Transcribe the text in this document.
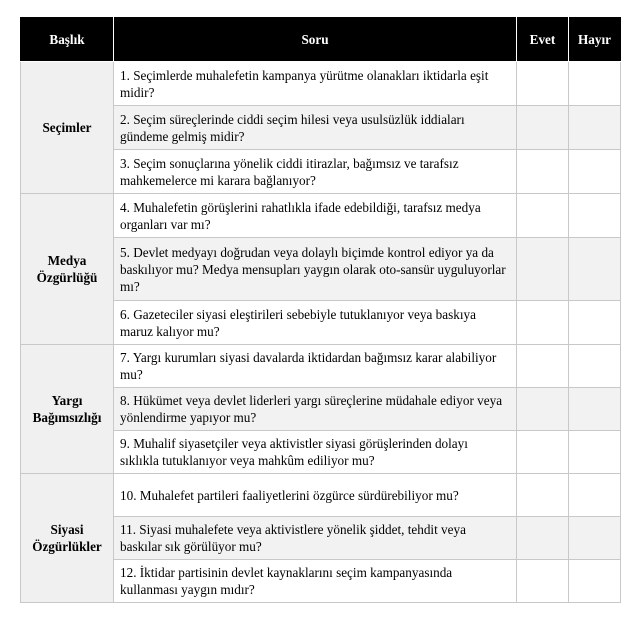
Başlık	Soru	Evet	Hayır
Seçimler	1. Seçimlerde muhalefetin kampanya yürütme olanakları iktidarla eşit midir?		
	2. Seçim süreçlerinde ciddi seçim hilesi veya usulsüzlük iddiaları gündeme gelmiş midir?		
	3. Seçim sonuçlarına yönelik ciddi itirazlar, bağımsız ve tarafsız mahkemelerce mi karara bağlanıyor?		
Medya Özgürlüğü	4. Muhalefetin görüşlerini rahatlıkla ifade edebildiği, tarafsız medya organları var mı?		
	5. Devlet medyayı doğrudan veya dolaylı biçimde kontrol ediyor ya da baskılıyor mu? Medya mensupları yaygın olarak oto-sansür uyguluyorlar mı?		
	6. Gazeteciler siyasi eleştirileri sebebiyle tutuklanıyor veya baskıya maruz kalıyor mu?		
Yargı Bağımsızlığı	7. Yargı kurumları siyasi davalarda iktidardan bağımsız karar alabiliyor mu?		
	8. Hükümet veya devlet liderleri yargı süreçlerine müdahale ediyor veya yönlendirme yapıyor mu?		
	9. Muhalif siyasetçiler veya aktivistler siyasi görüşlerinden dolayı sıklıkla tutuklanıyor veya mahkûm ediliyor mu?		
Siyasi Özgürlükler	10. Muhalefet partileri faaliyetlerini özgürce sürdürebiliyor mu?		
	11. Siyasi muhalefete veya aktivistlere yönelik şiddet, tehdit veya baskılar sık görülüyor mu?		
	12. İktidar partisinin devlet kaynaklarını seçim kampanyasında kullanması yaygın mıdır?		
